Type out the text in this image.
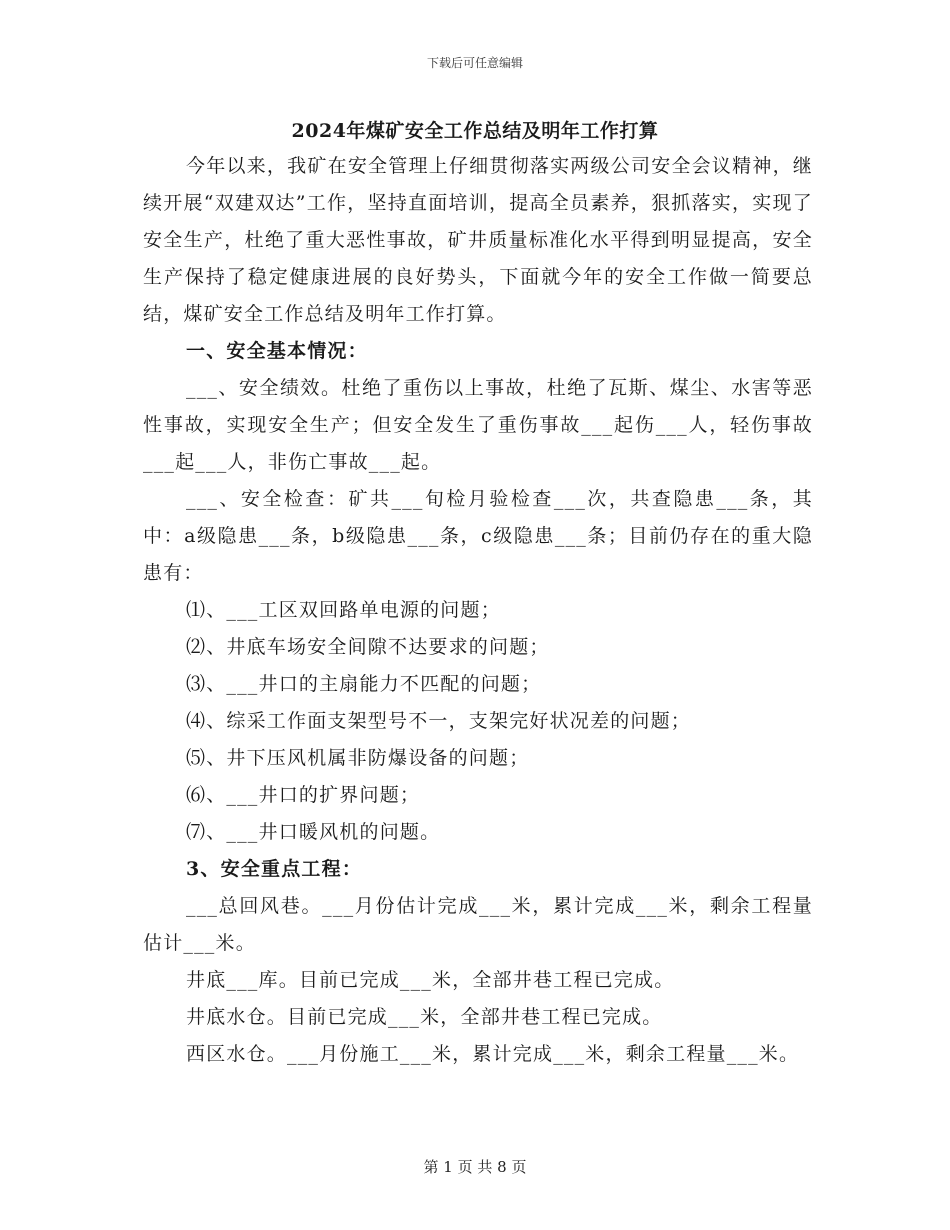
下载后可任意编辑
2024年煤矿安全工作总结及明年工作打算

今年以来，我矿在安全管理上仔细贯彻落实两级公司安全会议精神，继续开展“双建双达”工作，坚持直面培训，提高全员素养，狠抓落实，实现了安全生产，杜绝了重大恶性事故，矿井质量标准化水平得到明显提高，安全生产保持了稳定健康进展的良好势头，下面就今年的安全工作做一简要总结，煤矿安全工作总结及明年工作打算。

一、安全基本情况：

___、安全绩效。杜绝了重伤以上事故，杜绝了瓦斯、煤尘、水害等恶性事故，实现安全生产；但安全发生了重伤事故___起伤___人，轻伤事故___起___人，非伤亡事故___起。

___、安全检查：矿共___旬检月验检查___次，共查隐患___条，其中：a级隐患___条，b级隐患___条，c级隐患___条；目前仍存在的重大隐患有：

⑴、___工区双回路单电源的问题；

⑵、井底车场安全间隙不达要求的问题；

⑶、___井口的主扇能力不匹配的问题；

⑷、综采工作面支架型号不一，支架完好状况差的问题；

⑸、井下压风机属非防爆设备的问题；

⑹、___井口的扩界问题；

⑺、___井口暖风机的问题。

3、安全重点工程：

___总回风巷。___月份估计完成___米，累计完成___米，剩余工程量估计___米。

井底___库。目前已完成___米，全部井巷工程已完成。

井底水仓。目前已完成___米，全部井巷工程已完成。

西区水仓。___月份施工___米，累计完成___米，剩余工程量___米。

第 1 页 共 8 页
